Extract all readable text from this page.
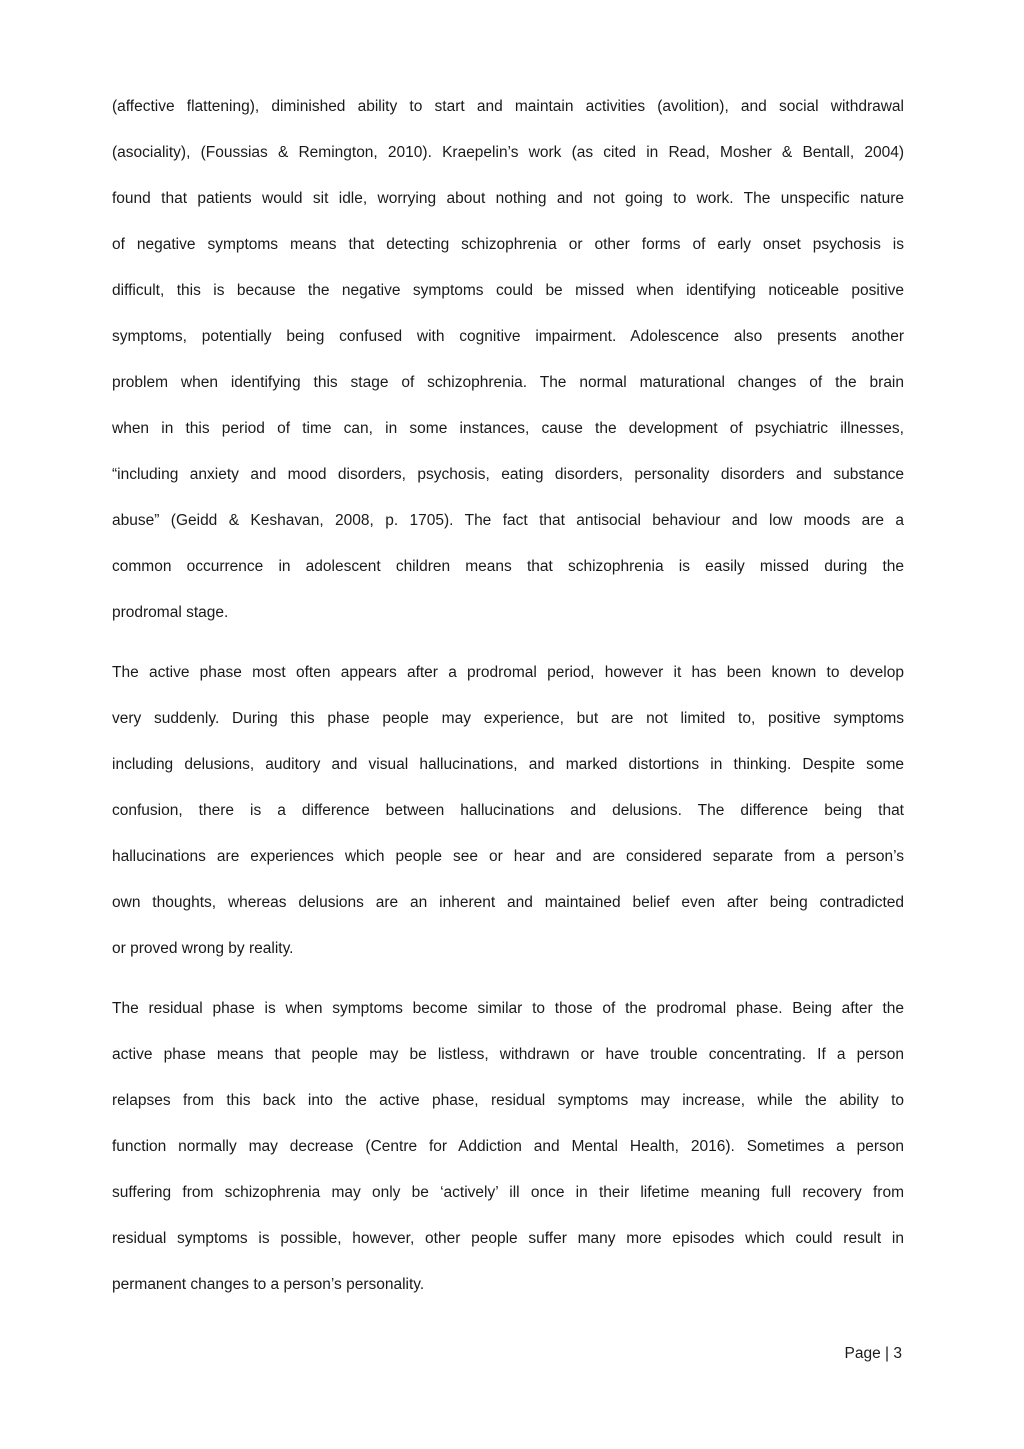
(affective flattening), diminished ability to start and maintain activities (avolition), and social withdrawal
(asociality), (Foussias & Remington, 2010). Kraepelin’s work (as cited in Read, Mosher & Bentall, 2004)
found that patients would sit idle, worrying about nothing and not going to work. The unspecific nature
of negative symptoms means that detecting schizophrenia or other forms of early onset psychosis is
difficult, this is because the negative symptoms could be missed when identifying noticeable positive
symptoms, potentially being confused with cognitive impairment. Adolescence also presents another
problem when identifying this stage of schizophrenia. The normal maturational changes of the brain
when in this period of time can, in some instances, cause the development of psychiatric illnesses,
“including anxiety and mood disorders, psychosis, eating disorders, personality disorders and substance
abuse” (Geidd & Keshavan, 2008, p. 1705). The fact that antisocial behaviour and low moods are a
common occurrence in adolescent children means that schizophrenia is easily missed during the
prodromal stage.
The active phase most often appears after a prodromal period, however it has been known to develop
very suddenly. During this phase people may experience, but are not limited to, positive symptoms
including delusions, auditory and visual hallucinations, and marked distortions in thinking. Despite some
confusion, there is a difference between hallucinations and delusions. The difference being that
hallucinations are experiences which people see or hear and are considered separate from a person’s
own thoughts, whereas delusions are an inherent and maintained belief even after being contradicted
or proved wrong by reality.
The residual phase is when symptoms become similar to those of the prodromal phase. Being after the
active phase means that people may be listless, withdrawn or have trouble concentrating. If a person
relapses from this back into the active phase, residual symptoms may increase, while the ability to
function normally may decrease (Centre for Addiction and Mental Health, 2016). Sometimes a person
suffering from schizophrenia may only be ‘actively’ ill once in their lifetime meaning full recovery from
residual symptoms is possible, however, other people suffer many more episodes which could result in
permanent changes to a person’s personality.
Page | 3
